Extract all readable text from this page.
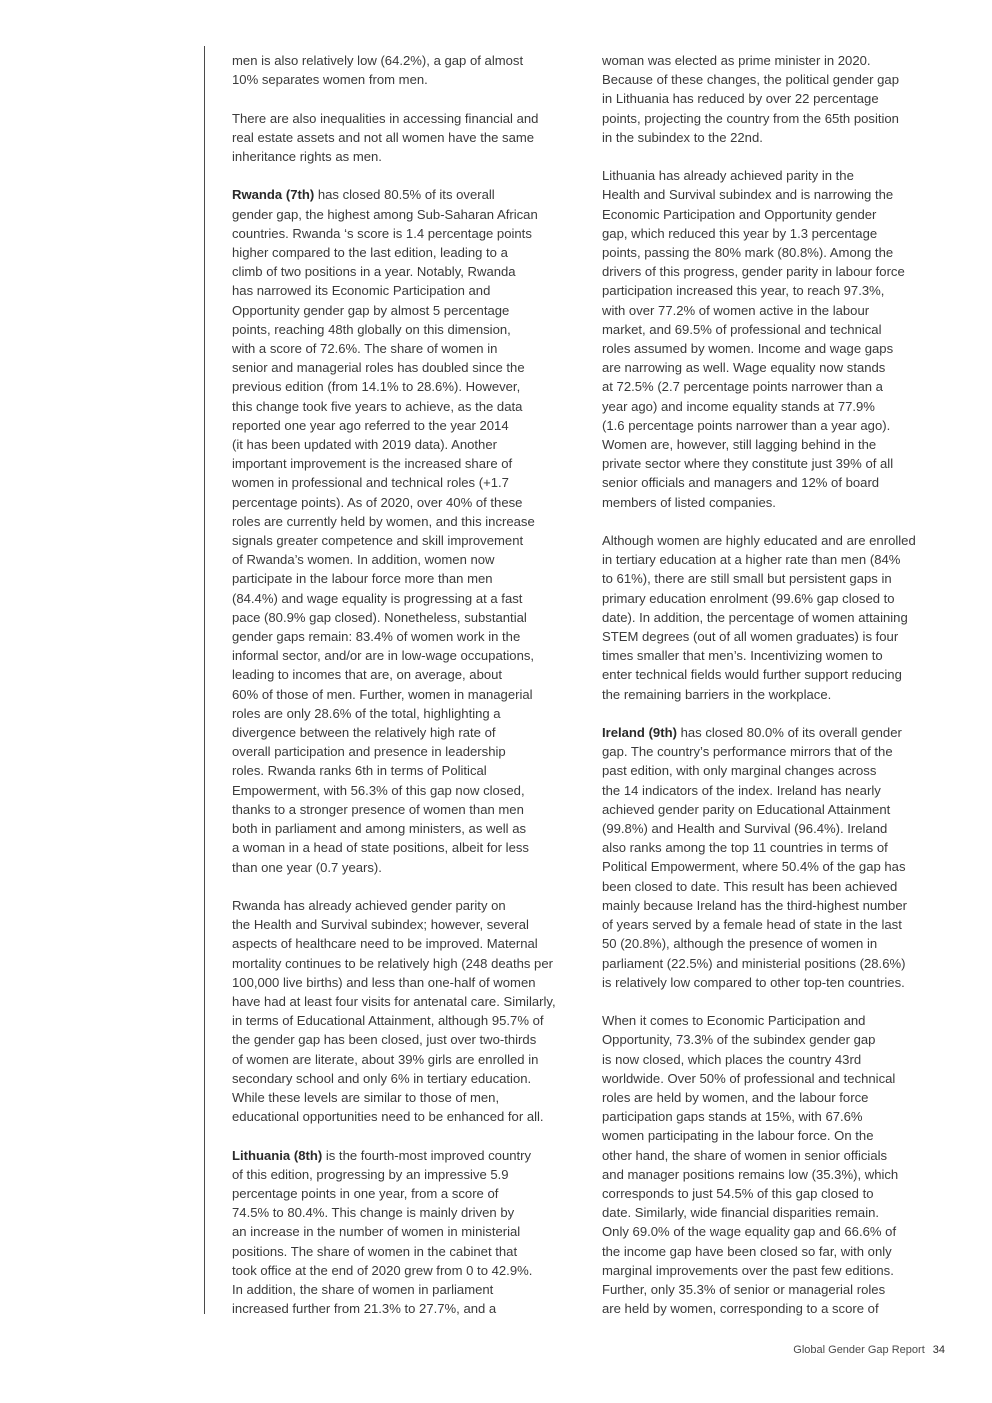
men is also relatively low (64.2%), a gap of almost
10% separates women from men.

There are also inequalities in accessing financial and
real estate assets and not all women have the same
inheritance rights as men.

Rwanda (7th) has closed 80.5% of its overall
gender gap, the highest among Sub-Saharan African
countries. Rwanda ‘s score is 1.4 percentage points
higher compared to the last edition, leading to a
climb of two positions in a year. Notably, Rwanda
has narrowed its Economic Participation and
Opportunity gender gap by almost 5 percentage
points, reaching 48th globally on this dimension,
with a score of 72.6%. The share of women in
senior and managerial roles has doubled since the
previous edition (from 14.1% to 28.6%). However,
this change took five years to achieve, as the data
reported one year ago referred to the year 2014
(it has been updated with 2019 data). Another
important improvement is the increased share of
women in professional and technical roles (+1.7
percentage points). As of 2020, over 40% of these
roles are currently held by women, and this increase
signals greater competence and skill improvement
of Rwanda’s women. In addition, women now
participate in the labour force more than men
(84.4%) and wage equality is progressing at a fast
pace (80.9% gap closed). Nonetheless, substantial
gender gaps remain: 83.4% of women work in the
informal sector, and/or are in low-wage occupations,
leading to incomes that are, on average, about
60% of those of men. Further, women in managerial
roles are only 28.6% of the total, highlighting a
divergence between the relatively high rate of
overall participation and presence in leadership
roles. Rwanda ranks 6th in terms of Political
Empowerment, with 56.3% of this gap now closed,
thanks to a stronger presence of women than men
both in parliament and among ministers, as well as
a woman in a head of state positions, albeit for less
than one year (0.7 years).

Rwanda has already achieved gender parity on
the Health and Survival subindex; however, several
aspects of healthcare need to be improved. Maternal
mortality continues to be relatively high (248 deaths per
100,000 live births) and less than one-half of women
have had at least four visits for antenatal care. Similarly,
in terms of Educational Attainment, although 95.7% of
the gender gap has been closed, just over two-thirds
of women are literate, about 39% girls are enrolled in
secondary school and only 6% in tertiary education.
While these levels are similar to those of men,
educational opportunities need to be enhanced for all.

Lithuania (8th) is the fourth-most improved country
of this edition, progressing by an impressive 5.9
percentage points in one year, from a score of
74.5% to 80.4%. This change is mainly driven by
an increase in the number of women in ministerial
positions. The share of women in the cabinet that
took office at the end of 2020 grew from 0 to 42.9%.
In addition, the share of women in parliament
increased further from 21.3% to 27.7%, and a

woman was elected as prime minister in 2020.
Because of these changes, the political gender gap
in Lithuania has reduced by over 22 percentage
points, projecting the country from the 65th position
in the subindex to the 22nd.

Lithuania has already achieved parity in the
Health and Survival subindex and is narrowing the
Economic Participation and Opportunity gender
gap, which reduced this year by 1.3 percentage
points, passing the 80% mark (80.8%). Among the
drivers of this progress, gender parity in labour force
participation increased this year, to reach 97.3%,
with over 77.2% of women active in the labour
market, and 69.5% of professional and technical
roles assumed by women. Income and wage gaps
are narrowing as well. Wage equality now stands
at 72.5% (2.7 percentage points narrower than a
year ago) and income equality stands at 77.9%
(1.6 percentage points narrower than a year ago).
Women are, however, still lagging behind in the
private sector where they constitute just 39% of all
senior officials and managers and 12% of board
members of listed companies.

Although women are highly educated and are enrolled
in tertiary education at a higher rate than men (84%
to 61%), there are still small but persistent gaps in
primary education enrolment (99.6% gap closed to
date). In addition, the percentage of women attaining
STEM degrees (out of all women graduates) is four
times smaller that men’s. Incentivizing women to
enter technical fields would further support reducing
the remaining barriers in the workplace.

Ireland (9th) has closed 80.0% of its overall gender
gap. The country’s performance mirrors that of the
past edition, with only marginal changes across
the 14 indicators of the index. Ireland has nearly
achieved gender parity on Educational Attainment
(99.8%) and Health and Survival (96.4%). Ireland
also ranks among the top 11 countries in terms of
Political Empowerment, where 50.4% of the gap has
been closed to date. This result has been achieved
mainly because Ireland has the third-highest number
of years served by a female head of state in the last
50 (20.8%), although the presence of women in
parliament (22.5%) and ministerial positions (28.6%)
is relatively low compared to other top-ten countries.

When it comes to Economic Participation and
Opportunity, 73.3% of the subindex gender gap
is now closed, which places the country 43rd
worldwide. Over 50% of professional and technical
roles are held by women, and the labour force
participation gaps stands at 15%, with 67.6%
women participating in the labour force. On the
other hand, the share of women in senior officials
and manager positions remains low (35.3%), which
corresponds to just 54.5% of this gap closed to
date. Similarly, wide financial disparities remain.
Only 69.0% of the wage equality gap and 66.6% of
the income gap have been closed so far, with only
marginal improvements over the past few editions.
Further, only 35.3% of senior or managerial roles
are held by women, corresponding to a score of

Global Gender Gap Report 34
